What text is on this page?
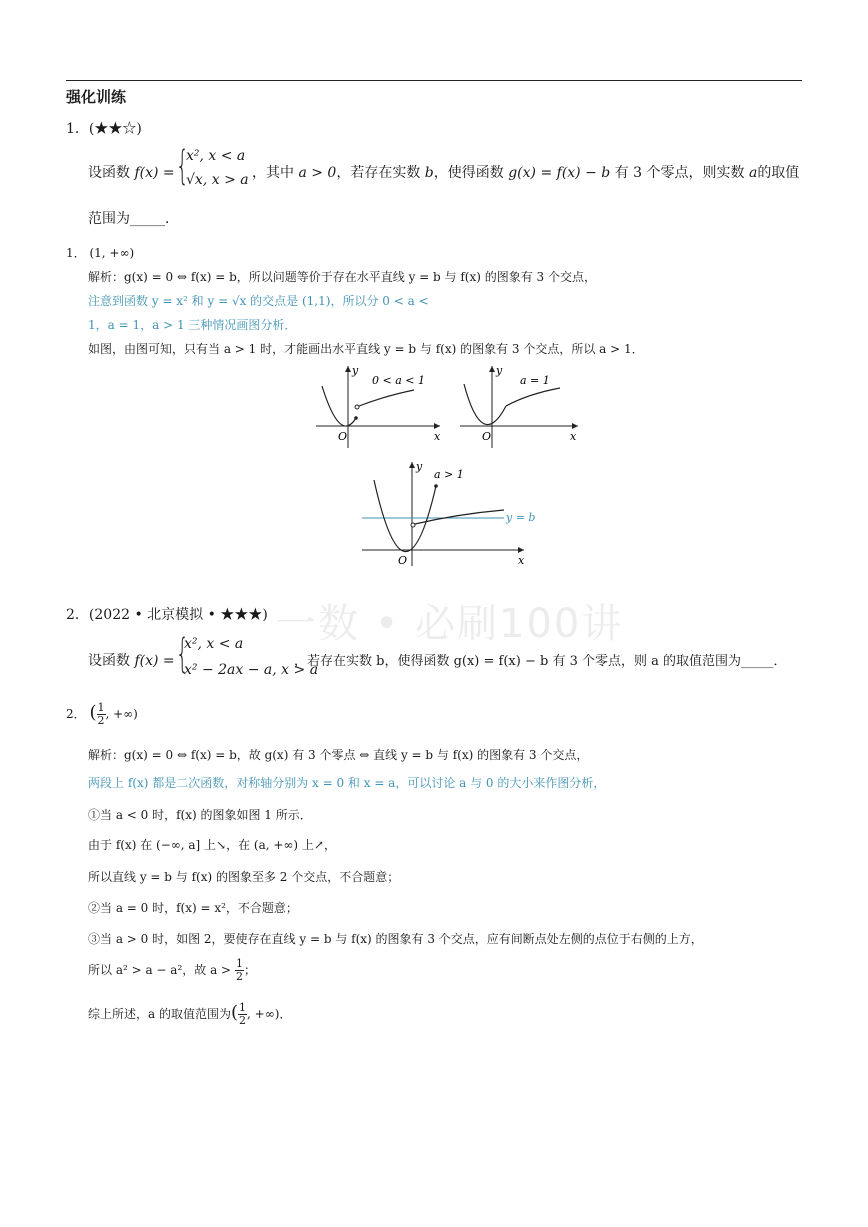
一数 • 必刷100讲
强化训练
1．(★★☆)
设函数 f(x) = {
x², x < a
√x, x > a ，其中 a > 0，若存在实数 b，使得函数 g(x) = f(x) − b 有 3 个零点，则实数 a的取值
范围为_____．
1． (1, +∞)
解析：g(x) = 0 ⇔ f(x) = b，所以问题等价于存在水平直线 y = b 与 f(x) 的图象有 3 个交点，
注意到函数 y = x² 和 y = √x 的交点是 (1,1)，所以分 0 < a <
1，a = 1，a > 1 三种情况画图分析．
如图，由图可知，只有当 a > 1 时，才能画出水平直线 y = b 与 f(x) 的图象有 3 个交点，所以 a > 1．
0 < a < 1
y
x
O
a = 1
y
x
O
a > 1
y = b
y
x
O
2．(2022 • 北京模拟 • ★★★)
设函数 f(x) = {
x², x < a
x² − 2ax − a, x > a
，若存在实数 b，使得函数 g(x) = f(x) − b 有 3 个零点，则 a 的取值范围为_____．
2． ( $\frac{1}{2}$ , +∞)
解析：g(x) = 0 ⇔ f(x) = b，故 g(x) 有 3 个零点 ⇔ 直线 y = b 与 f(x) 的图象有 3 个交点，
两段上 f(x) 都是二次函数，对称轴分别为 x = 0 和 x = a，可以讨论 a 与 0 的大小来作图分析，
①当 a < 0 时，f(x) 的图象如图 1 所示．
由于 f(x) 在 (−∞, a] 上↘，在 (a, +∞) 上↗，
所以直线 y = b 与 f(x) 的图象至多 2 个交点，不合题意；
②当 a = 0 时，f(x) = x²，不合题意；
③当 a > 0 时，如图 2，要使存在直线 y = b 与 f(x) 的图象有 3 个交点，应有间断点处左侧的点位于右侧的上方，
所以 a² > a − a²，故 $a > \frac{1}{2}$ ；
综上所述，a 的取值范围为( $\frac{1}{2}$ , +∞)．
